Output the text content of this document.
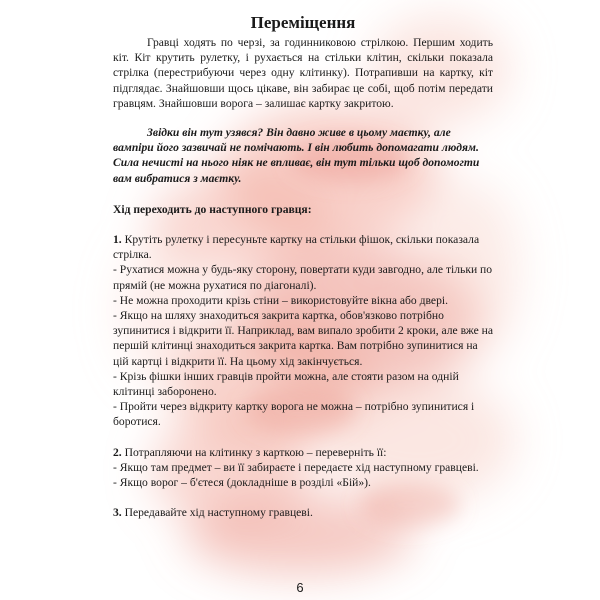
Переміщення

Гравці ходять по черзі, за годинниковою стрілкою. Першим ходить кіт. Кіт крутить рулетку, і рухається на стільки клітин, скільки показала стрілка (перестрибуючи через одну клітинку). Потрапивши на картку, кіт підглядає. Знайшовши щось цікаве, він забирає це собі, щоб потім передати гравцям. Знайшовши ворога – залишає картку закритою.

Звідки він тут узявся? Він давно живе в цьому маєтку, але вампіри його зазвичай не помічають. І він любить допомагати людям. Сила нечисті на нього ніяк не впливає, він тут тільки щоб допомогти вам вибратися з маєтку.

Хід переходить до наступного гравця:

1. Крутіть рулетку і пересуньте картку на стільки фішок, скільки показала стрілка.

- Рухатися можна у будь-яку сторону, повертати куди завгодно, але тільки по прямій (не можна рухатися по діагоналі).

- Не можна проходити крізь стіни – використовуйте вікна або двері.

- Якщо на шляху знаходиться закрита картка, обов'язково потрібно зупинитися і відкрити її. Наприклад, вам випало зробити 2 кроки, але вже на першій клітинці знаходиться закрита картка. Вам потрібно зупинитися на цій картці і відкрити її. На цьому хід закінчується.

- Крізь фішки інших гравців пройти можна, але стояти разом на одній клітинці заборонено.

- Пройти через відкриту картку ворога не можна – потрібно зупинитися і боротися.

2. Потрапляючи на клітинку з карткою – переверніть її:

- Якщо там предмет – ви її забираєте і передаєте хід наступному гравцеві.

- Якщо ворог – б'єтеся (докладніше в розділі «Бій»).

3. Передавайте хід наступному гравцеві.

6
